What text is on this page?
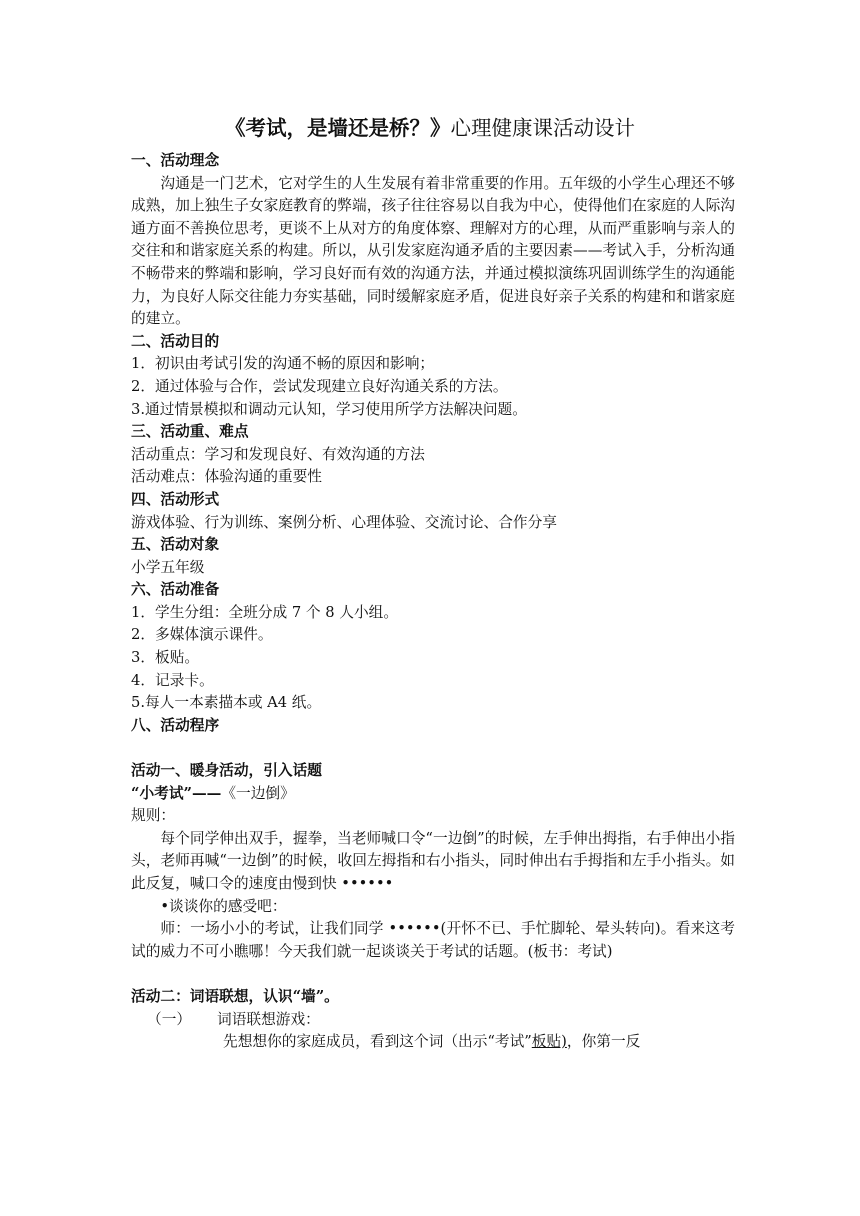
《考试，是墙还是桥？》心理健康课活动设计

一、活动理念

沟通是一门艺术，它对学生的人生发展有着非常重要的作用。五年级的小学生心理还不够成熟，加上独生子女家庭教育的弊端，孩子往往容易以自我为中心，使得他们在家庭的人际沟通方面不善换位思考，更谈不上从对方的角度体察、理解对方的心理，从而严重影响与亲人的交往和和谐家庭关系的构建。所以，从引发家庭沟通矛盾的主要因素——考试入手，分析沟通不畅带来的弊端和影响，学习良好而有效的沟通方法，并通过模拟演练巩固训练学生的沟通能力，为良好人际交往能力夯实基础，同时缓解家庭矛盾，促进良好亲子关系的构建和和谐家庭的建立。

二、活动目的

1．初识由考试引发的沟通不畅的原因和影响；

2．通过体验与合作，尝试发现建立良好沟通关系的方法。

3.通过情景模拟和调动元认知，学习使用所学方法解决问题。

三、活动重、难点

活动重点：学习和发现良好、有效沟通的方法

活动难点：体验沟通的重要性

四、活动形式

游戏体验、行为训练、案例分析、心理体验、交流讨论、合作分享

五、活动对象

小学五年级

六、活动准备

1．学生分组：全班分成 7 个 8 人小组。

2．多媒体演示课件。

3．板贴。

4．记录卡。

5.每人一本素描本或 A4 纸。

八、活动程序

活动一、暖身活动，引入话题

“小考试”——《一边倒》

规则：

每个同学伸出双手，握拳，当老师喊口令“一边倒”的时候，左手伸出拇指，右手伸出小指头，老师再喊“一边倒”的时候，收回左拇指和右小指头，同时伸出右手拇指和左手小指头。如此反复，喊口令的速度由慢到快 ••••••

•谈谈你的感受吧：

师：一场小小的考试，让我们同学 ••••••(开怀不已、手忙脚轮、晕头转向)。看来这考试的威力不可小瞧哪！今天我们就一起谈谈关于考试的话题。(板书：考试)

活动二：词语联想，认识“墙”。

（一） 词语联想游戏：

先想想你的家庭成员，看到这个词（出示“考试”板贴)，你第一反
